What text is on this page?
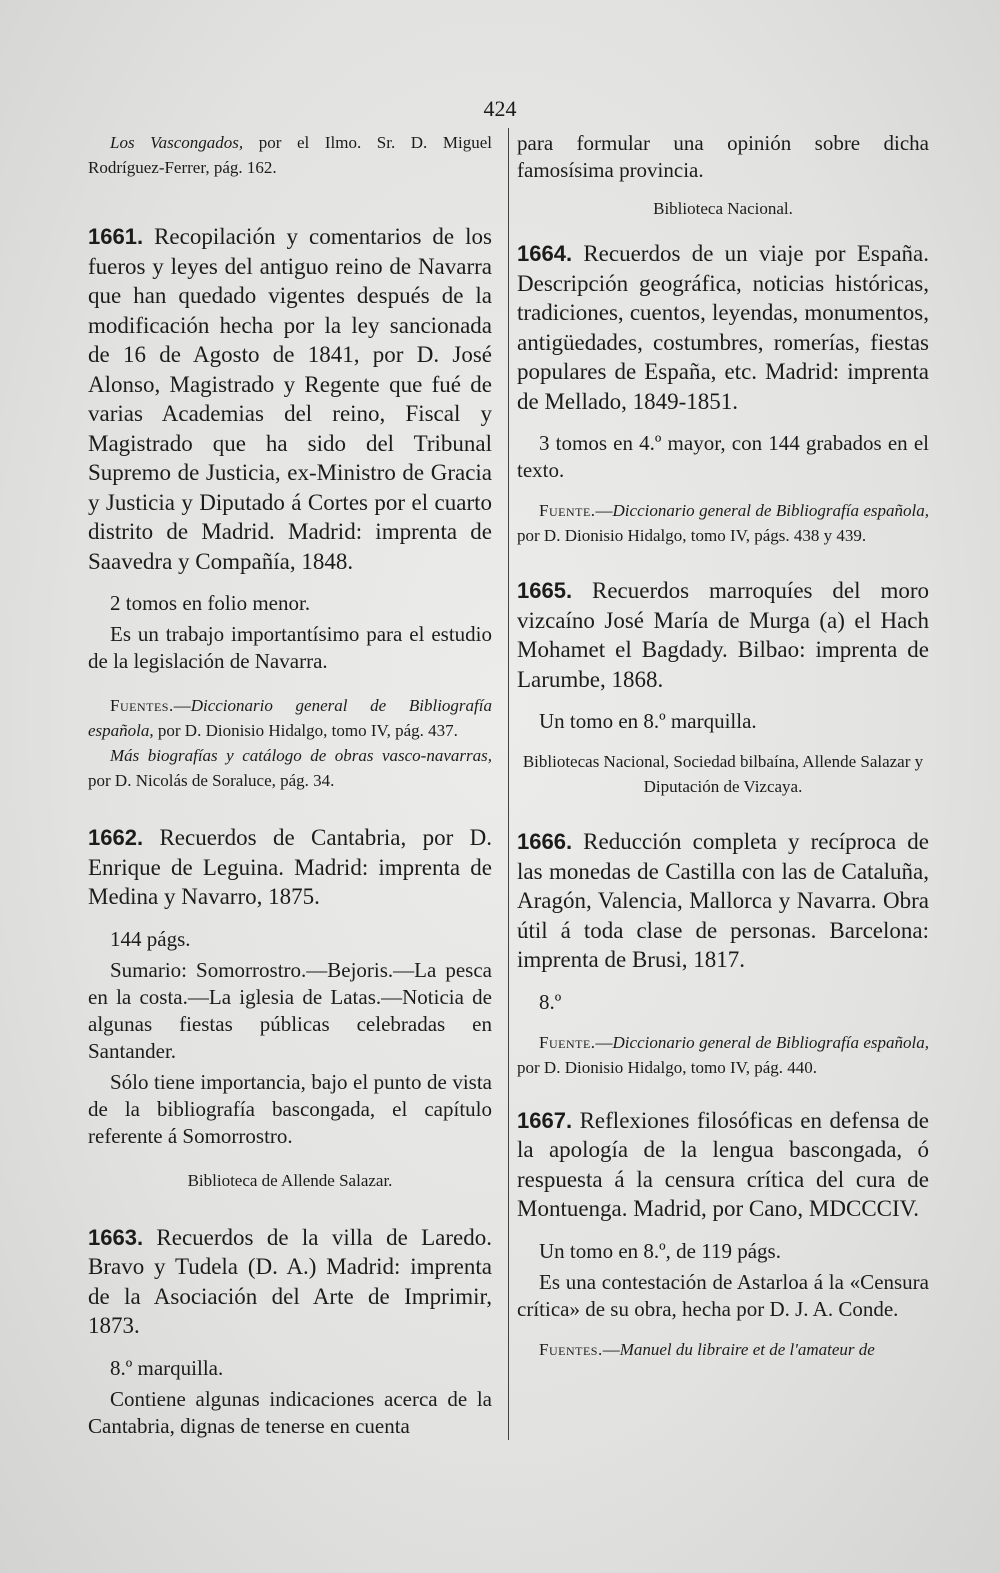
424

Los Vascongados, por el Ilmo. Sr. D. Miguel Rodríguez-Ferrer, pág. 162.

1661. Recopilación y comentarios de los fueros y leyes del antiguo reino de Navarra que han quedado vigentes después de la modificación hecha por la ley sancionada de 16 de Agosto de 1841, por D. José Alonso, Magistrado y Regente que fué de varias Academias del reino, Fiscal y Magistrado que ha sido del Tribunal Supremo de Justicia, ex-Ministro de Gracia y Justicia y Diputado á Cortes por el cuarto distrito de Madrid. Madrid: imprenta de Saavedra y Compañía, 1848.

2 tomos en folio menor.

Es un trabajo importantísimo para el estudio de la legislación de Navarra.

Fuentes.—Diccionario general de Bibliografía española, por D. Dionisio Hidalgo, tomo IV, pág. 437.

Más biografías y catálogo de obras vasco-navarras, por D. Nicolás de Soraluce, pág. 34.

1662. Recuerdos de Cantabria, por D. Enrique de Leguina. Madrid: imprenta de Medina y Navarro, 1875.

144 págs.

Sumario: Somorrostro.—Bejoris.—La pesca en la costa.—La iglesia de Latas.—Noticia de algunas fiestas públicas celebradas en Santander.

Sólo tiene importancia, bajo el punto de vista de la bibliografía bascongada, el capítulo referente á Somorrostro.

Biblioteca de Allende Salazar.

1663. Recuerdos de la villa de Laredo. Bravo y Tudela (D. A.) Madrid: imprenta de la Asociación del Arte de Imprimir, 1873.

8.º marquilla.

Contiene algunas indicaciones acerca de la Cantabria, dignas de tenerse en cuenta

para formular una opinión sobre dicha famosísima provincia.

Biblioteca Nacional.

1664. Recuerdos de un viaje por España. Descripción geográfica, noticias históricas, tradiciones, cuentos, leyendas, monumentos, antigüedades, costumbres, romerías, fiestas populares de España, etc. Madrid: imprenta de Mellado, 1849-1851.

3 tomos en 4.º mayor, con 144 grabados en el texto.

Fuente.—Diccionario general de Bibliografía española, por D. Dionisio Hidalgo, tomo IV, págs. 438 y 439.

1665. Recuerdos marroquíes del moro vizcaíno José María de Murga (a) el Hach Mohamet el Bagdady. Bilbao: imprenta de Larumbe, 1868.

Un tomo en 8.º marquilla.

Bibliotecas Nacional, Sociedad bilbaína, Allende Salazar y Diputación de Vizcaya.

1666. Reducción completa y recíproca de las monedas de Castilla con las de Cataluña, Aragón, Valencia, Mallorca y Navarra. Obra útil á toda clase de personas. Barcelona: imprenta de Brusi, 1817.

8.º

Fuente.—Diccionario general de Bibliografía española, por D. Dionisio Hidalgo, tomo IV, pág. 440.

1667. Reflexiones filosóficas en defensa de la apología de la lengua bascongada, ó respuesta á la censura crítica del cura de Montuenga. Madrid, por Cano, MDCCCIV.

Un tomo en 8.º, de 119 págs.

Es una contestación de Astarloa á la «Censura crítica» de su obra, hecha por D. J. A. Conde.

Fuentes.—Manuel du libraire et de l'amateur de
